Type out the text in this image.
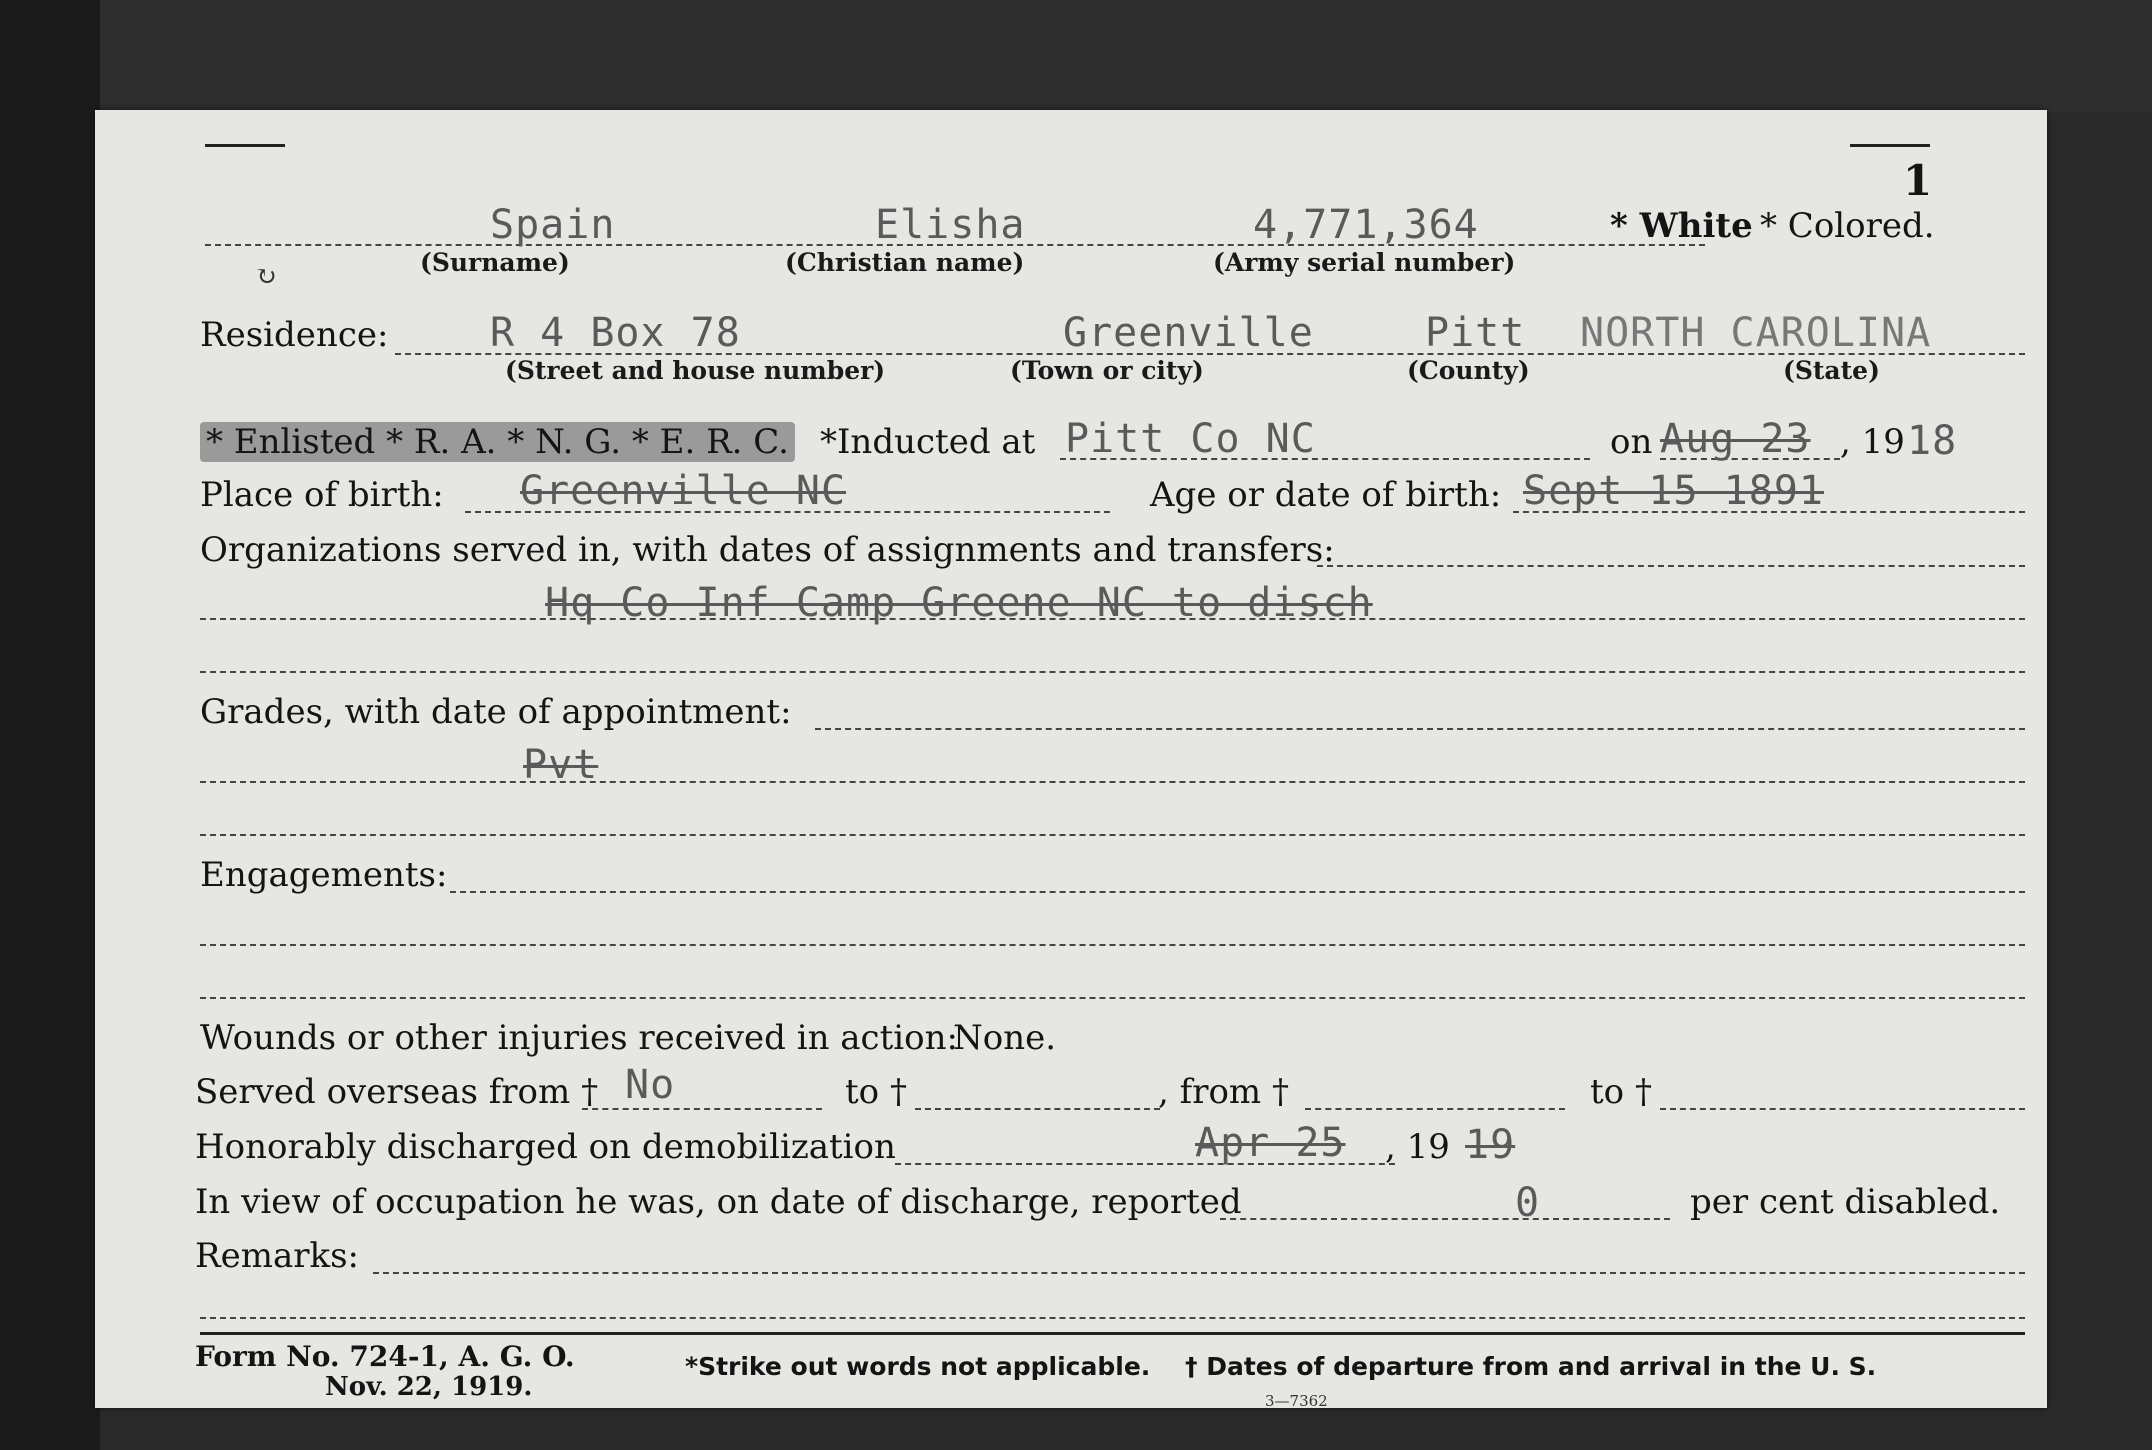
1
Spain
(Surname)
Elisha
(Christian name)
4,771,364
(Army serial number)
* White * Colored.
↻
Residence:	R 4 Box 78
(Street and house number)
Greenville
(Town or city)
Pitt
(County)
NORTH CAROLINA
(State)
* Enlisted * R. A. * N. G. * E. R. C. *Inducted at Pitt Co NC	on Aug 23 , 19 18
Place of birth: Greenville NC	Age or date of birth: Sept 15 1891
Organizations served in, with dates of assignments and transfers:
Hq Co Inf Camp Greene NC to disch
Grades, with date of appointment:
Pvt
Engagements:
Wounds or other injuries received in action:
None.
Served overseas from † No	to †	, from †	to †
Honorably discharged on demobilization	Apr 25 , 19 19
In view of occupation he was, on date of discharge, reported	0	per cent disabled.
Remarks:
Form No. 724-1, A. G. O.
Nov. 22, 1919.
*Strike out words not applicable. † Dates of departure from and arrival in the U. S.
3—7362
